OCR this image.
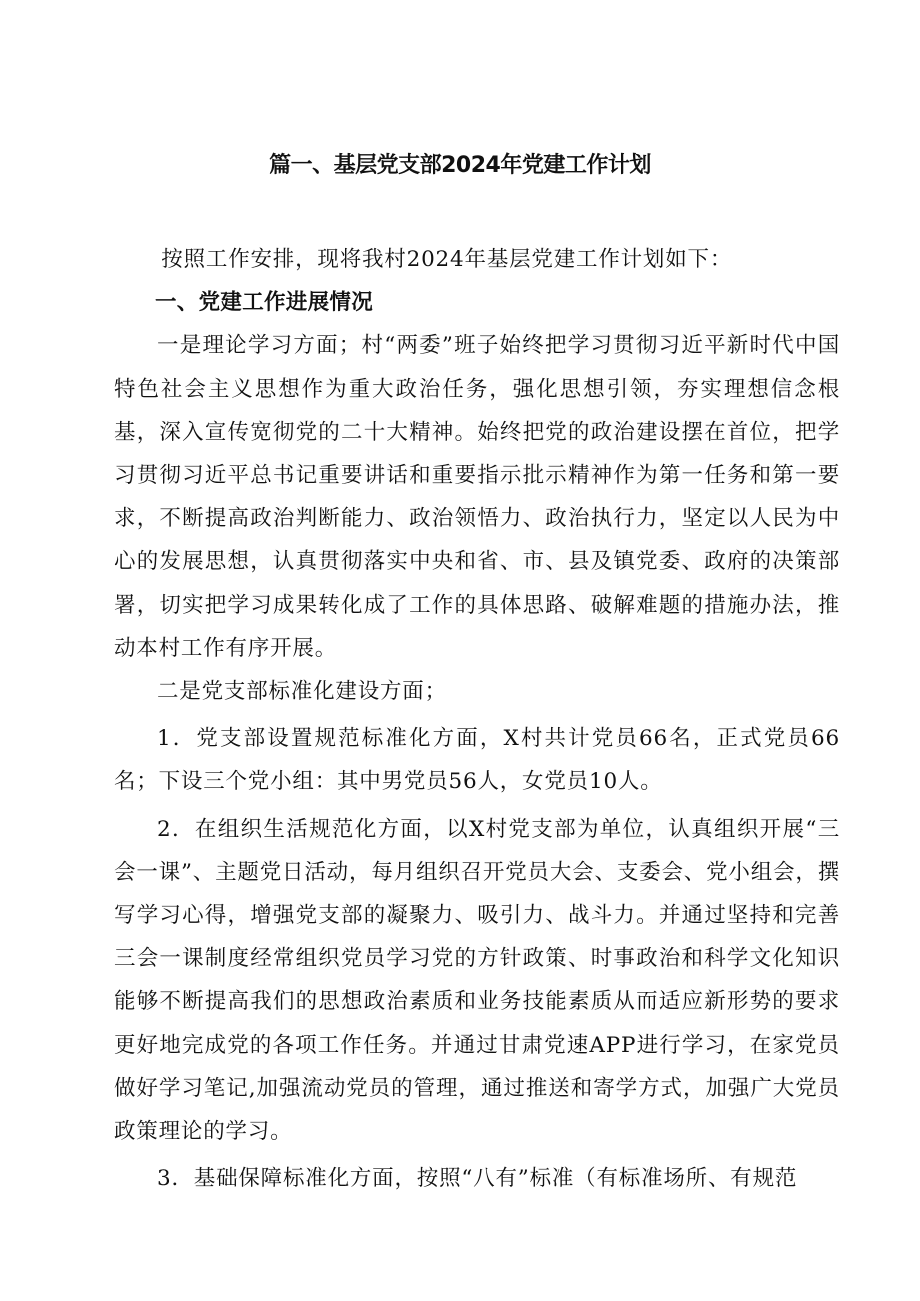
篇一、基层党支部2024年党建工作计划

按照工作安排，现将我村2024年基层党建工作计划如下：

一、党建工作进展情况

一是理论学习方面；村“两委”班子始终把学习贯彻习近平新时代中国特色社会主义思想作为重大政治任务，强化思想引领，夯实理想信念根基，深入宣传宽彻党的二十大精神。始终把党的政治建设摆在首位，把学习贯彻习近平总书记重要讲话和重要指示批示精神作为第一任务和第一要求，不断提高政治判断能力、政治领悟力、政治执行力，坚定以人民为中心的发展思想，认真贯彻落实中央和省、市、县及镇党委、政府的决策部署，切实把学习成果转化成了工作的具体思路、破解难题的措施办法，推动本村工作有序开展。

二是党支部标准化建设方面；

1．党支部设置规范标准化方面，X村共计党员66名，正式党员66名；下设三个党小组：其中男党员56人，女党员10人。

2．在组织生活规范化方面，以X村党支部为单位，认真组织开展“三会一课”、主题党日活动，每月组织召开党员大会、支委会、党小组会，撰写学习心得，增强党支部的凝聚力、吸引力、战斗力。并通过坚持和完善三会一课制度经常组织党员学习党的方针政策、时事政治和科学文化知识能够不断提高我们的思想政治素质和业务技能素质从而适应新形势的要求更好地完成党的各项工作任务。并通过甘肃党速APP进行学习，在家党员做好学习笔记,加强流动党员的管理，通过推送和寄学方式，加强广大党员政策理论的学习。

3．基础保障标准化方面，按照“八有”标准（有标准场所、有规范
